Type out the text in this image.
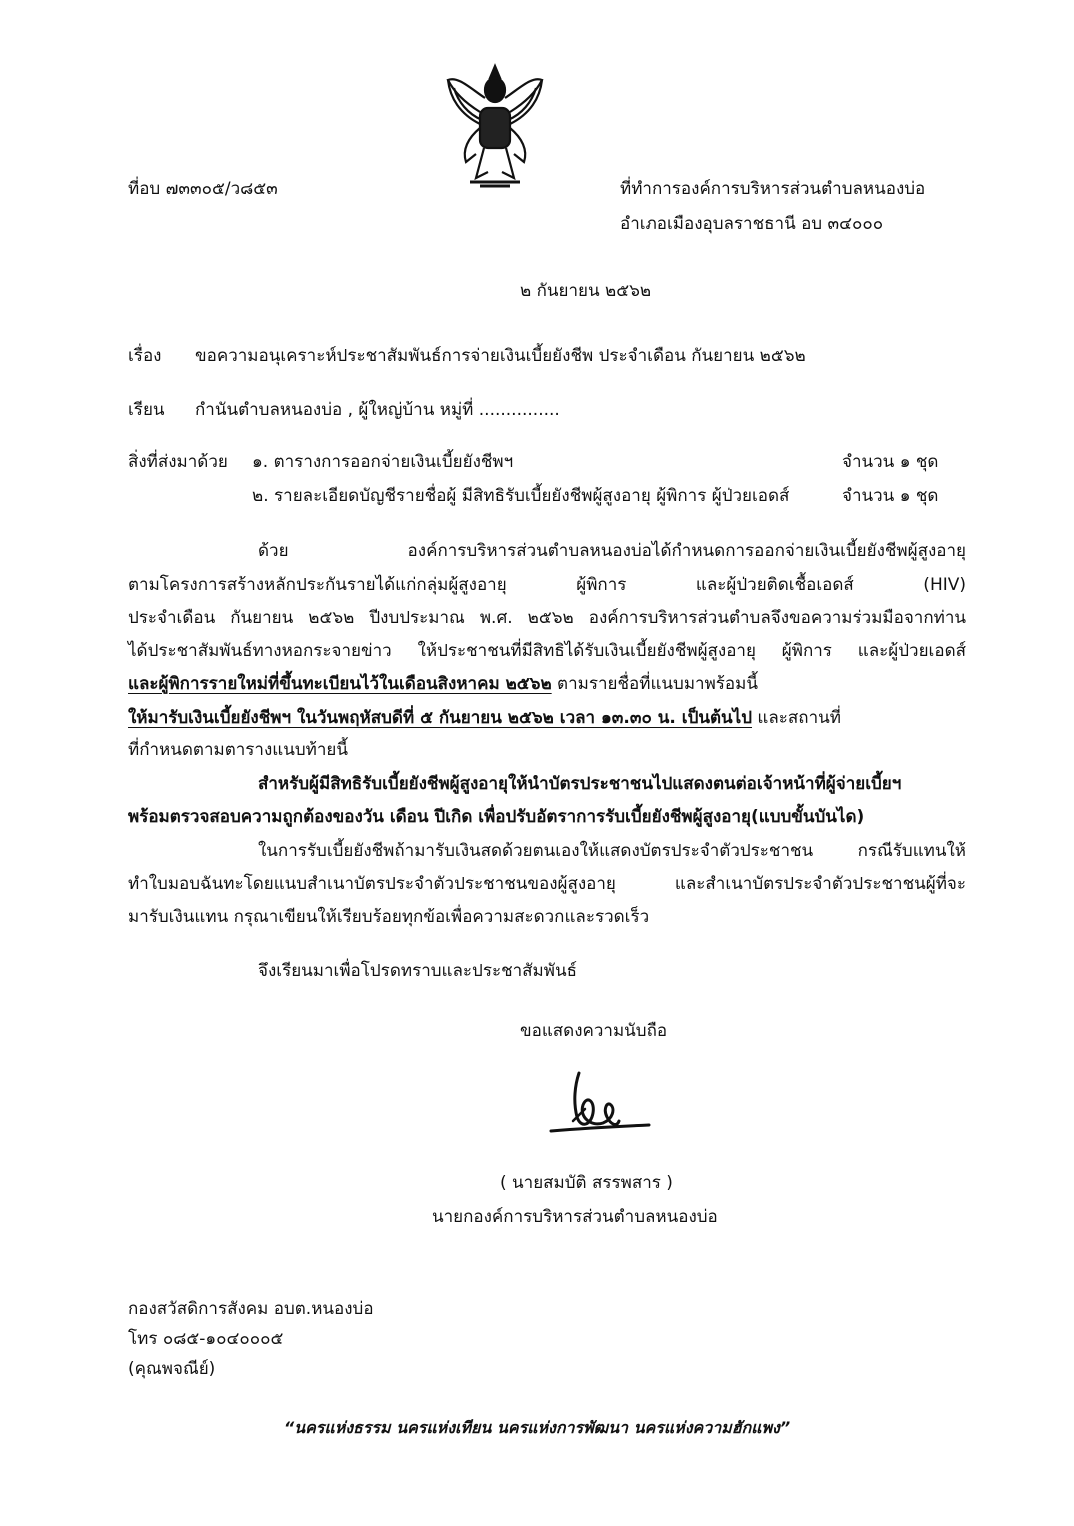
ที่อบ ๗๓๓๐๕/ว๘๕๓	ที่ทำการองค์การบริหารส่วนตำบลหนองบ่อ
อำเภอเมืองอุบลราชธานี อบ ๓๔๐๐๐
๒ กันยายน ๒๕๖๒
เรื่อง ขอความอนุเคราะห์ประชาสัมพันธ์การจ่ายเงินเบี้ยยังชีพ ประจำเดือน กันยายน ๒๕๖๒
เรียน กำนันตำบลหนองบ่อ , ผู้ใหญ่บ้าน หมู่ที่ ...............
สิ่งที่ส่งมาด้วย ๑. ตารางการออกจ่ายเงินเบี้ยยังชีพฯ	จำนวน ๑ ชุด
๒. รายละเอียดบัญชีรายชื่อผู้ มีสิทธิรับเบี้ยยังชีพผู้สูงอายุ ผู้พิการ ผู้ป่วยเอดส์	จำนวน ๑ ชุด
ด้วย องค์การบริหารส่วนตำบลหนองบ่อได้กำหนดการออกจ่ายเงินเบี้ยยังชีพผู้สูงอายุ
ตามโครงการสร้างหลักประกันรายได้แก่กลุ่มผู้สูงอายุ ผู้พิการ และผู้ป่วยติดเชื้อเอดส์ (HIV)
ประจำเดือน กันยายน ๒๕๖๒ ปีงบประมาณ พ.ศ. ๒๕๖๒ องค์การบริหารส่วนตำบลจึงขอความร่วมมือจากท่าน
ได้ประชาสัมพันธ์ทางหอกระจายข่าว ให้ประชาชนที่มีสิทธิได้รับเงินเบี้ยยังชีพผู้สูงอายุ ผู้พิการ และผู้ป่วยเอดส์
และผู้พิการรายใหม่ที่ขึ้นทะเบียนไว้ในเดือนสิงหาคม ๒๕๖๒ ตามรายชื่อที่แนบมาพร้อมนี้
ให้มารับเงินเบี้ยยังชีพฯ ในวันพฤหัสบดีที่ ๕ กันยายน ๒๕๖๒ เวลา ๑๓.๓๐ น. เป็นต้นไป และสถานที่
ที่กำหนดตามตารางแนบท้ายนี้
สำหรับผู้มีสิทธิรับเบี้ยยังชีพผู้สูงอายุให้นำบัตรประชาชนไปแสดงตนต่อเจ้าหน้าที่ผู้จ่ายเบี้ยฯ
พร้อมตรวจสอบความถูกต้องของวัน เดือน ปีเกิด เพื่อปรับอัตราการรับเบี้ยยังชีพผู้สูงอายุ(แบบขั้นบันได)
ในการรับเบี้ยยังชีพถ้ามารับเงินสดด้วยตนเองให้แสดงบัตรประจำตัวประชาชน กรณีรับแทนให้
ทำใบมอบฉันทะโดยแนบสำเนาบัตรประจำตัวประชาชนของผู้สูงอายุ และสำเนาบัตรประจำตัวประชาชนผู้ที่จะ
มารับเงินแทน กรุณาเขียนให้เรียบร้อยทุกข้อเพื่อความสะดวกและรวดเร็ว
จึงเรียนมาเพื่อโปรดทราบและประชาสัมพันธ์
ขอแสดงความนับถือ
( นายสมบัติ สรรพสาร )
นายกองค์การบริหารส่วนตำบลหนองบ่อ
กองสวัสดิการสังคม อบต.หนองบ่อ
โทร ๐๘๕-๑๐๔๐๐๐๕
(คุณพจณีย์)
“นครแห่งธรรม นครแห่งเทียน นครแห่งการพัฒนา นครแห่งความฮักแพง”
